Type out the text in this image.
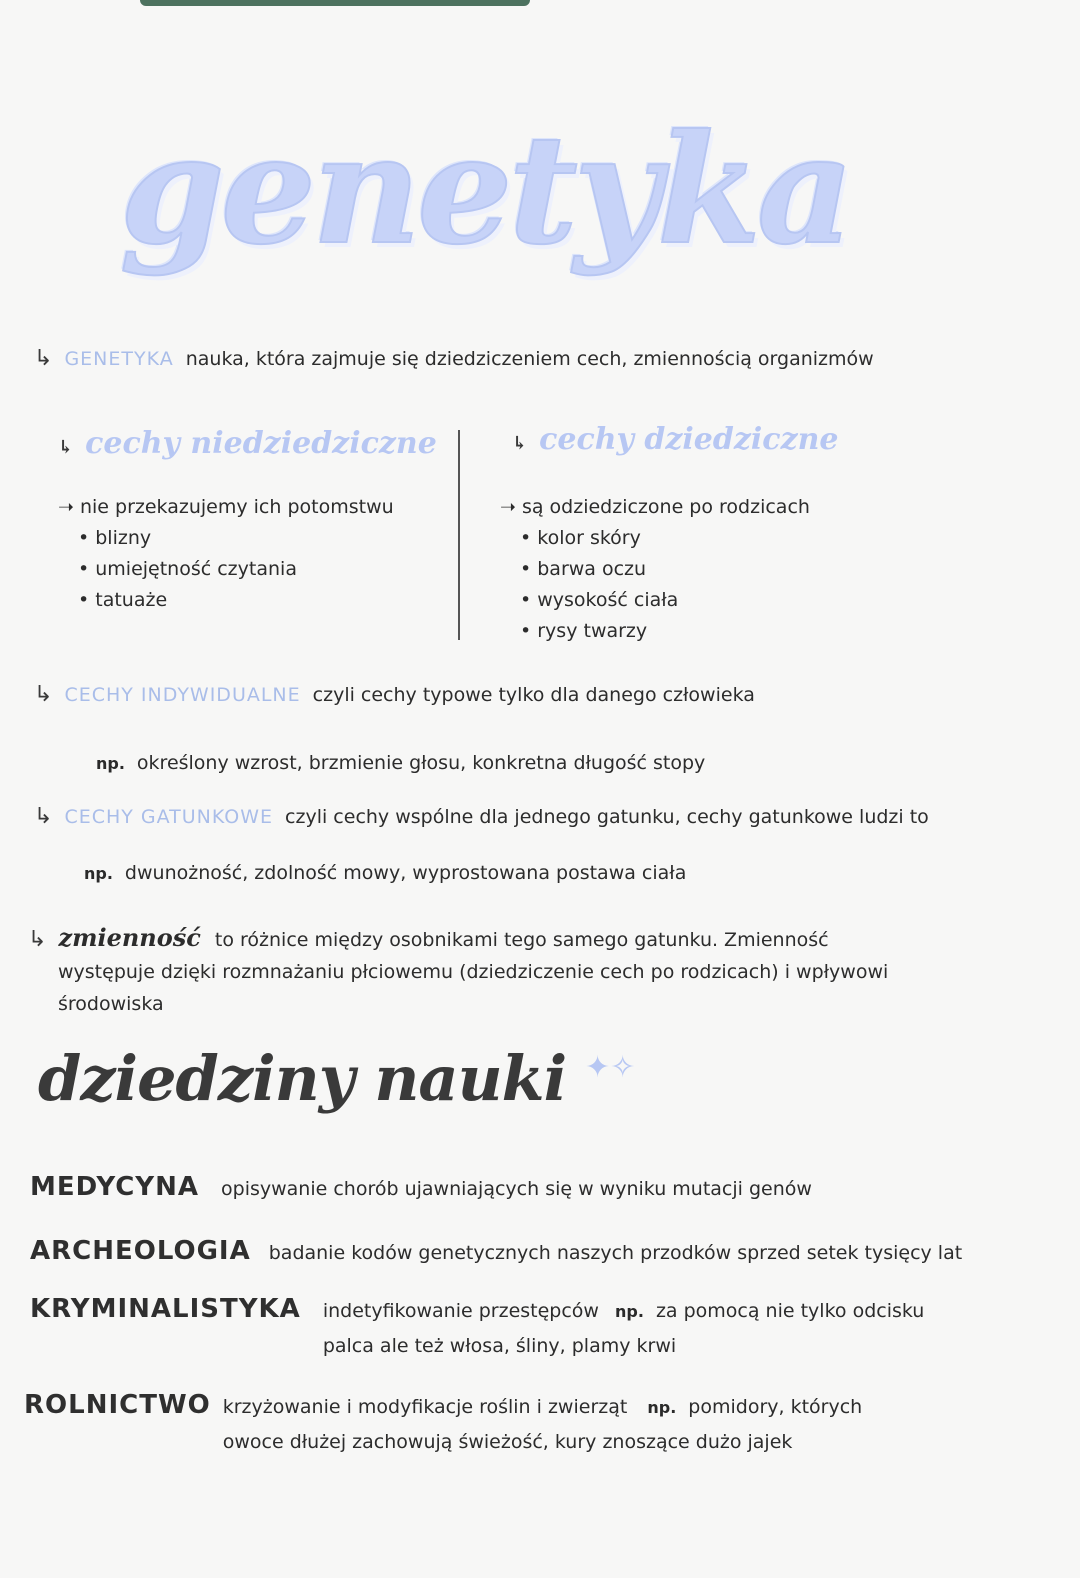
genetyka
↳ GENETYKA nauka, która zajmuje się dziedziczeniem cech, zmiennością organizmów
↳ cechy niedziedziczne
➝ nie przekazujemy ich potomstwu
• blizny
• umiejętność czytania
• tatuaże
↳ cechy dziedziczne
➝ są odziedziczone po rodzicach
• kolor skóry
• barwa oczu
• wysokość ciała
• rysy twarzy
↳ CECHY INDYWIDUALNE czyli cechy typowe tylko dla danego człowieka
np. określony wzrost, brzmienie głosu, konkretna długość stopy
↳ CECHY GATUNKOWE czyli cechy wspólne dla jednego gatunku, cechy gatunkowe ludzi to
np. dwunożność, zdolność mowy, wyprostowana postawa ciała
↳ zmienność to różnice między osobnikami tego samego gatunku. Zmienność
występuje dzięki rozmnażaniu płciowemu (dziedziczenie cech po rodzicach) i wpływowi
środowiska
dziedziny nauki ✦✧
MEDYCYNA opisywanie chorób ujawniających się w wyniku mutacji genów
ARCHEOLOGIA badanie kodów genetycznych naszych przodków sprzed setek tysięcy lat
KRYMINALISTYKA indetyfikowanie przestępców np. za pomocą nie tylko odcisku
palca ale też włosa, śliny, plamy krwi
ROLNICTWO krzyżowanie i modyfikacje roślin i zwierząt np. pomidory, których
owoce dłużej zachowują świeżość, kury znoszące dużo jajek
